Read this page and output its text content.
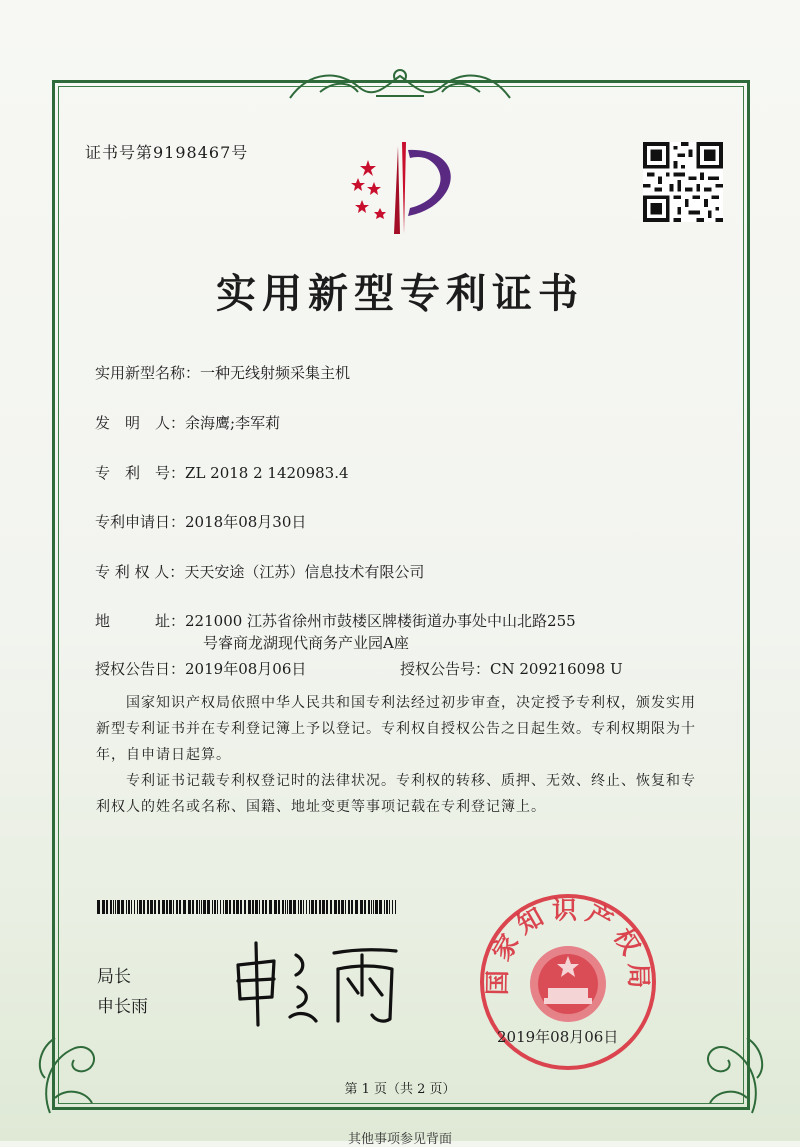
证书号第9198467号
实用新型专利证书
实用新型名称：一种无线射频采集主机
发　明　人：余海鹰;李军莉
专　利　号：ZL 2018 2 1420983.4
专利申请日：2018年08月30日
专 利 权 人：天天安途（江苏）信息技术有限公司
地　　　址：221000 江苏省徐州市鼓楼区牌楼街道办事处中山北路255
号睿商龙湖现代商务产业园A座
授权公告日：2019年08月06日	授权公告号：CN 209216098 U
国家知识产权局依照中华人民共和国专利法经过初步审查，决定授予专利权，颁发实用新型专利证书并在专利登记簿上予以登记。专利权自授权公告之日起生效。专利权期限为十年，自申请日起算。
专利证书记载专利权登记时的法律状况。专利权的转移、质押、无效、终止、恢复和专利权人的姓名或名称、国籍、地址变更等事项记载在专利登记簿上。
局长
申长雨
国家知识产权局
2019年08月06日
第 1 页（共 2 页）
其他事项参见背面
